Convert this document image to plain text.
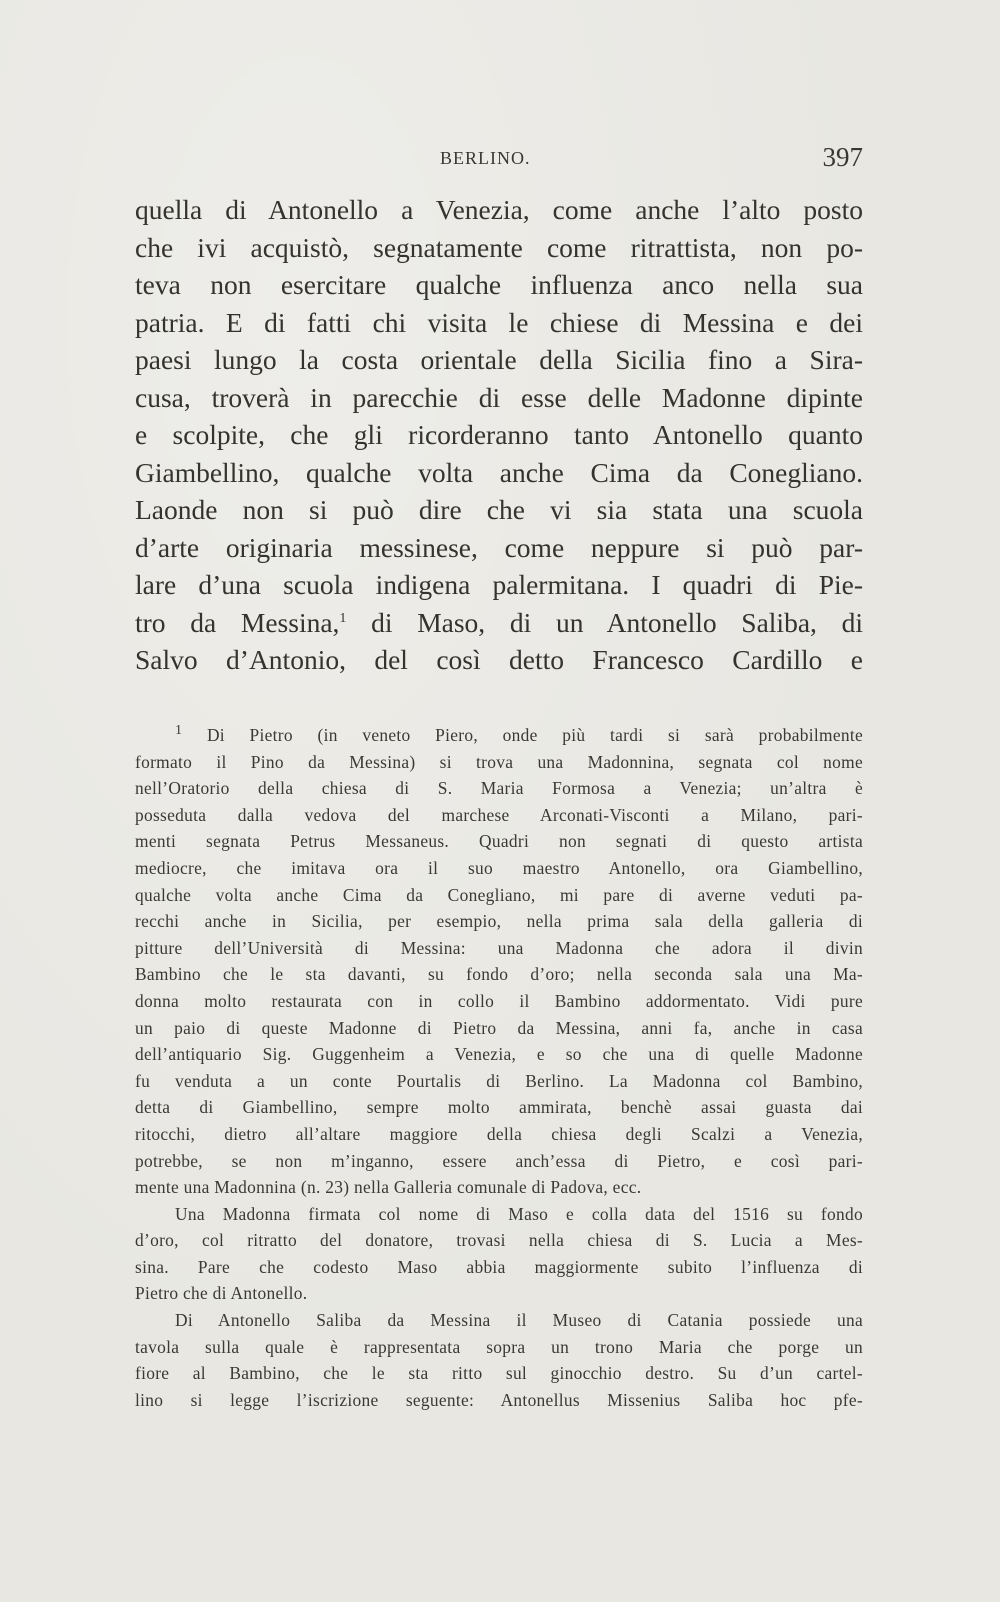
BERLINO.	397
quella di Antonello a Venezia, come anche l’alto posto
che ivi acquistò, segnatamente come ritrattista, non po-
teva non esercitare qualche influenza anco nella sua
patria. E di fatti chi visita le chiese di Messina e dei
paesi lungo la costa orientale della Sicilia fino a Sira-
cusa, troverà in parecchie di esse delle Madonne dipinte
e scolpite, che gli ricorderanno tanto Antonello quanto
Giambellino, qualche volta anche Cima da Conegliano.
Laonde non si può dire che vi sia stata una scuola
d’arte originaria messinese, come neppure si può par-
lare d’una scuola indigena palermitana. I quadri di Pie-
tro da Messina,$^1$ di Maso, di un Antonello Saliba, di
Salvo d’Antonio, del così detto Francesco Cardillo e
$^1$ Di Pietro (in veneto Piero, onde più tardi si sarà probabilmente
formato il Pino da Messina) si trova una Madonnina, segnata col nome
nell’Oratorio della chiesa di S. Maria Formosa a Venezia; un’altra è
posseduta dalla vedova del marchese Arconati-Visconti a Milano, pari-
menti segnata Petrus Messaneus. Quadri non segnati di questo artista
mediocre, che imitava ora il suo maestro Antonello, ora Giambellino,
qualche volta anche Cima da Conegliano, mi pare di averne veduti pa-
recchi anche in Sicilia, per esempio, nella prima sala della galleria di
pitture dell’Università di Messina: una Madonna che adora il divin
Bambino che le sta davanti, su fondo d’oro; nella seconda sala una Ma-
donna molto restaurata con in collo il Bambino addormentato. Vidi pure
un paio di queste Madonne di Pietro da Messina, anni fa, anche in casa
dell’antiquario Sig. Guggenheim a Venezia, e so che una di quelle Madonne
fu venduta a un conte Pourtalis di Berlino. La Madonna col Bambino,
detta di Giambellino, sempre molto ammirata, benchè assai guasta dai
ritocchi, dietro all’altare maggiore della chiesa degli Scalzi a Venezia,
potrebbe, se non m’inganno, essere anch’essa di Pietro, e così pari-
mente una Madonnina (n. 23) nella Galleria comunale di Padova, ecc.
Una Madonna firmata col nome di Maso e colla data del 1516 su fondo
d’oro, col ritratto del donatore, trovasi nella chiesa di S. Lucia a Mes-
sina. Pare che codesto Maso abbia maggiormente subito l’influenza di
Pietro che di Antonello.
Di Antonello Saliba da Messina il Museo di Catania possiede una
tavola sulla quale è rappresentata sopra un trono Maria che porge un
fiore al Bambino, che le sta ritto sul ginocchio destro. Su d’un cartel-
lino si legge l’iscrizione seguente: Antonellus Missenius Saliba hoc pfe-
